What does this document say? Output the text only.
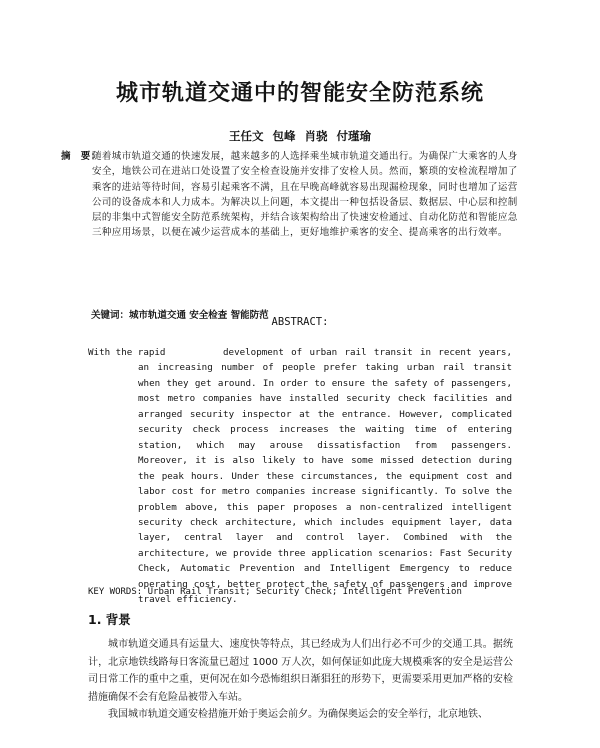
城市轨道交通中的智能安全防范系统
王任文 包峰 肖骁 付瑾瑜
摘　要：
随着城市轨道交通的快速发展，越来越多的人选择乘坐城市轨道交通出行。为确保广大乘客的人身安全，地铁公司在进站口处设置了安全检查设施并安排了安检人员。然而，繁琐的安检流程增加了乘客的进站等待时间，容易引起乘客不满，且在早晚高峰就容易出现漏检现象，同时也增加了运营公司的设备成本和人力成本。为解决以上问题，本文提出一种包括设备层、数据层、中心层和控制层的非集中式智能安全防范系统架构，并结合该架构给出了快速安检通过、自动化防范和智能应急三种应用场景，以便在减少运营成本的基础上，更好地维护乘客的安全、提高乘客的出行效率。
关键词：城市轨道交通 安全检查 智能防范
ABSTRACT:
With the rapid	development of urban rail transit in recent years, an increasing number of people prefer taking urban rail transit when they get around. In order to ensure the safety of passengers, most metro companies have installed security check facilities and arranged security inspector at the entrance. However, complicated security check process increases the waiting time of entering station, which may arouse dissatisfaction from passengers. Moreover, it is also likely to have some missed detection during the peak hours. Under these circumstances, the equipment cost and labor cost for metro companies increase significantly. To solve the problem above, this paper proposes a non-centralized intelligent security check architecture, which includes equipment layer, data layer, central layer and control layer. Combined with the architecture, we provide three application scenarios: Fast Security Check, Automatic Prevention and Intelligent Emergency to reduce operating cost, better protect the safety of passengers and improve travel efficiency.
KEY WORDS: Urban Rail Transit; Security Check; Intelligent Prevention
1. 背景

城市轨道交通具有运量大、速度快等特点，其已经成为人们出行必不可少的交通工具。据统计，北京地铁线路每日客流量已超过 1000 万人次，如何保证如此庞大规模乘客的安全是运营公司日常工作的重中之重，更何况在如今恐怖组织日渐猖狂的形势下，更需要采用更加严格的安检措施确保不会有危险品被带入车站。

我国城市轨道交通安检措施开始于奥运会前夕。为确保奥运会的安全举行，北京地铁、
